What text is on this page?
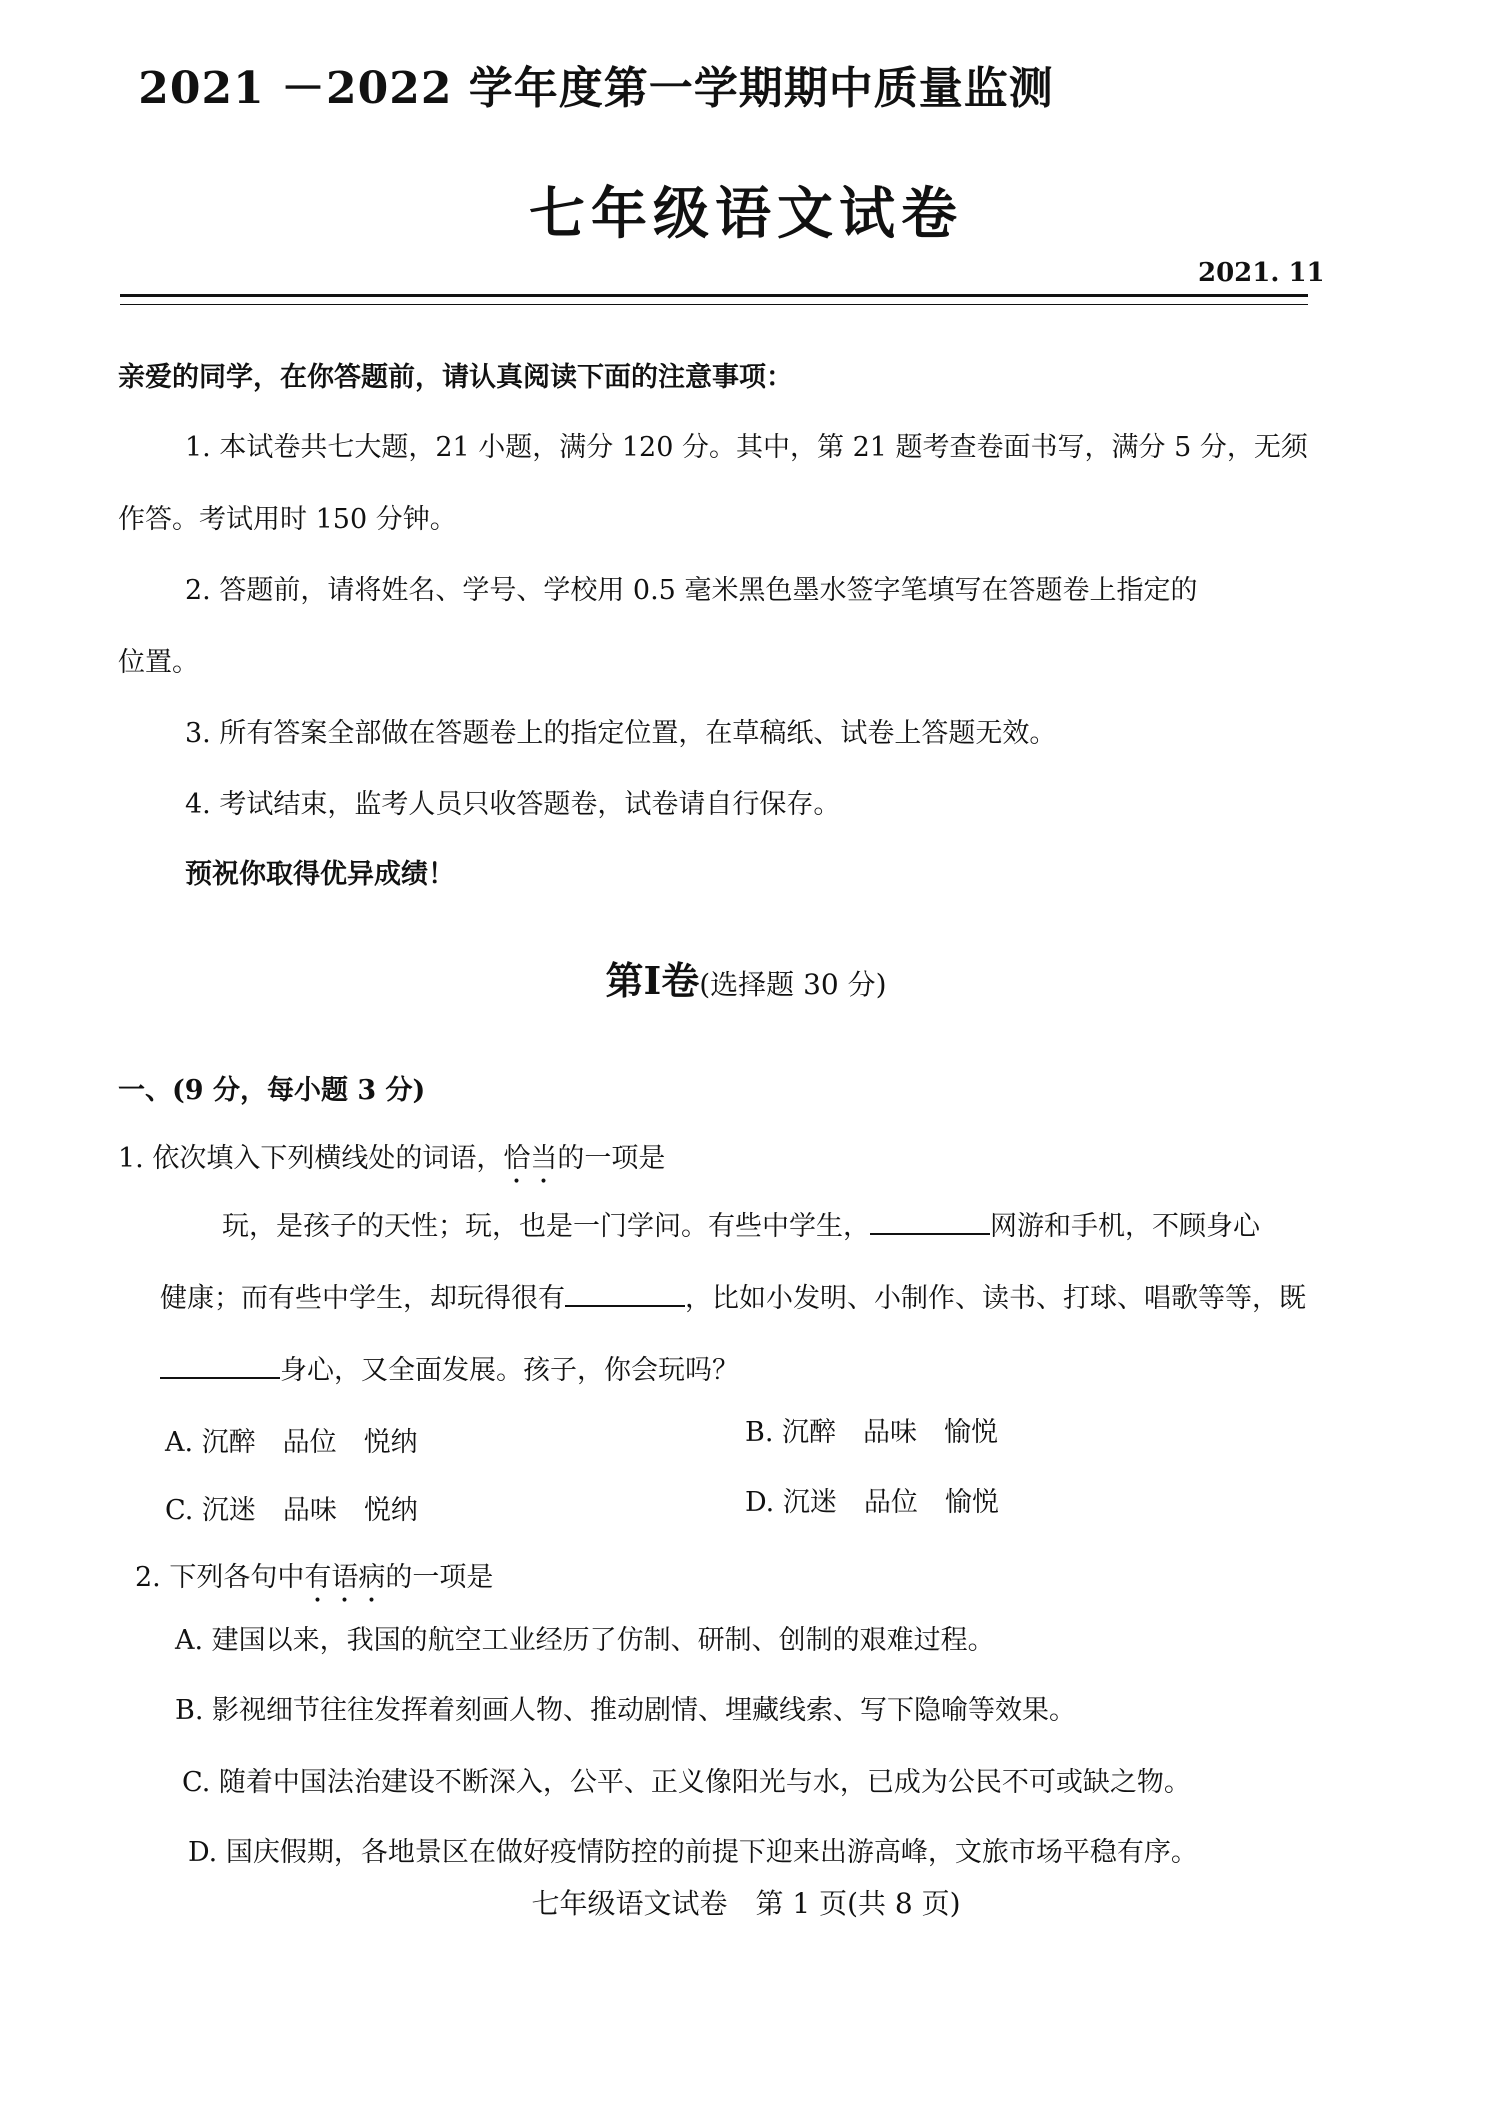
2021 －2022 学年度第一学期期中质量监测
七年级语文试卷
2021. 11
亲爱的同学，在你答题前，请认真阅读下面的注意事项：
1. 本试卷共七大题，21 小题，满分 120 分。其中，第 21 题考查卷面书写，满分 5 分，无须
作答。考试用时 150 分钟。
2. 答题前，请将姓名、学号、学校用 0.5 毫米黑色墨水签字笔填写在答题卷上指定的
位置。
3. 所有答案全部做在答题卷上的指定位置，在草稿纸、试卷上答题无效。
4. 考试结束，监考人员只收答题卷，试卷请自行保存。
预祝你取得优异成绩！
第Ⅰ卷(选择题 30 分)
一、(9 分，每小题 3 分)
1. 依次填入下列横线处的词语，恰当的一项是
玩，是孩子的天性；玩，也是一门学问。有些中学生，	网游和手机，不顾身心
健康；而有些中学生，却玩得很有	，比如小发明、小制作、读书、打球、唱歌等等，既
身心，又全面发展。孩子，你会玩吗？
A. 沉醉　品位　悦纳	B. 沉醉　品味　愉悦
C. 沉迷　品味　悦纳	D. 沉迷　品位　愉悦
2. 下列各句中有语病的一项是
A. 建国以来，我国的航空工业经历了仿制、研制、创制的艰难过程。
B. 影视细节往往发挥着刻画人物、推动剧情、埋藏线索、写下隐喻等效果。
C. 随着中国法治建设不断深入，公平、正义像阳光与水，已成为公民不可或缺之物。
D. 国庆假期，各地景区在做好疫情防控的前提下迎来出游高峰，文旅市场平稳有序。
七年级语文试卷　第 1 页(共 8 页)
